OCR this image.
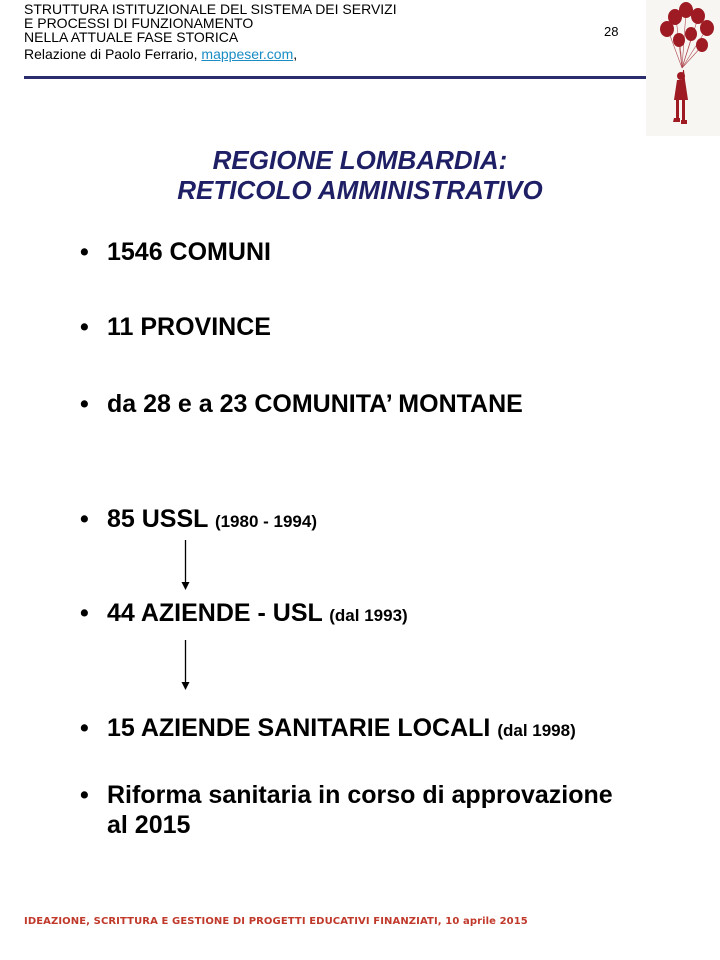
STRUTTURA ISTITUZIONALE DEL SISTEMA DEI SERVIZI
E PROCESSI DI FUNZIONAMENTO
NELLA ATTUALE FASE STORICA
Relazione di Paolo Ferrario, mappeser.com,
28
REGIONE LOMBARDIA:
RETICOLO AMMINISTRATIVO
• 1546 COMUNI
• 11 PROVINCE
• da 28 e a 23 COMUNITA’ MONTANE
• 85 USSL (1980 - 1994)
• 44 AZIENDE - USL (dal 1993)
• 15 AZIENDE SANITARIE LOCALI (dal 1998)
• Riforma sanitaria in corso di approvazione al 2015
IDEAZIONE, SCRITTURA E GESTIONE DI PROGETTI EDUCATIVI FINANZIATI, 10 aprile 2015
